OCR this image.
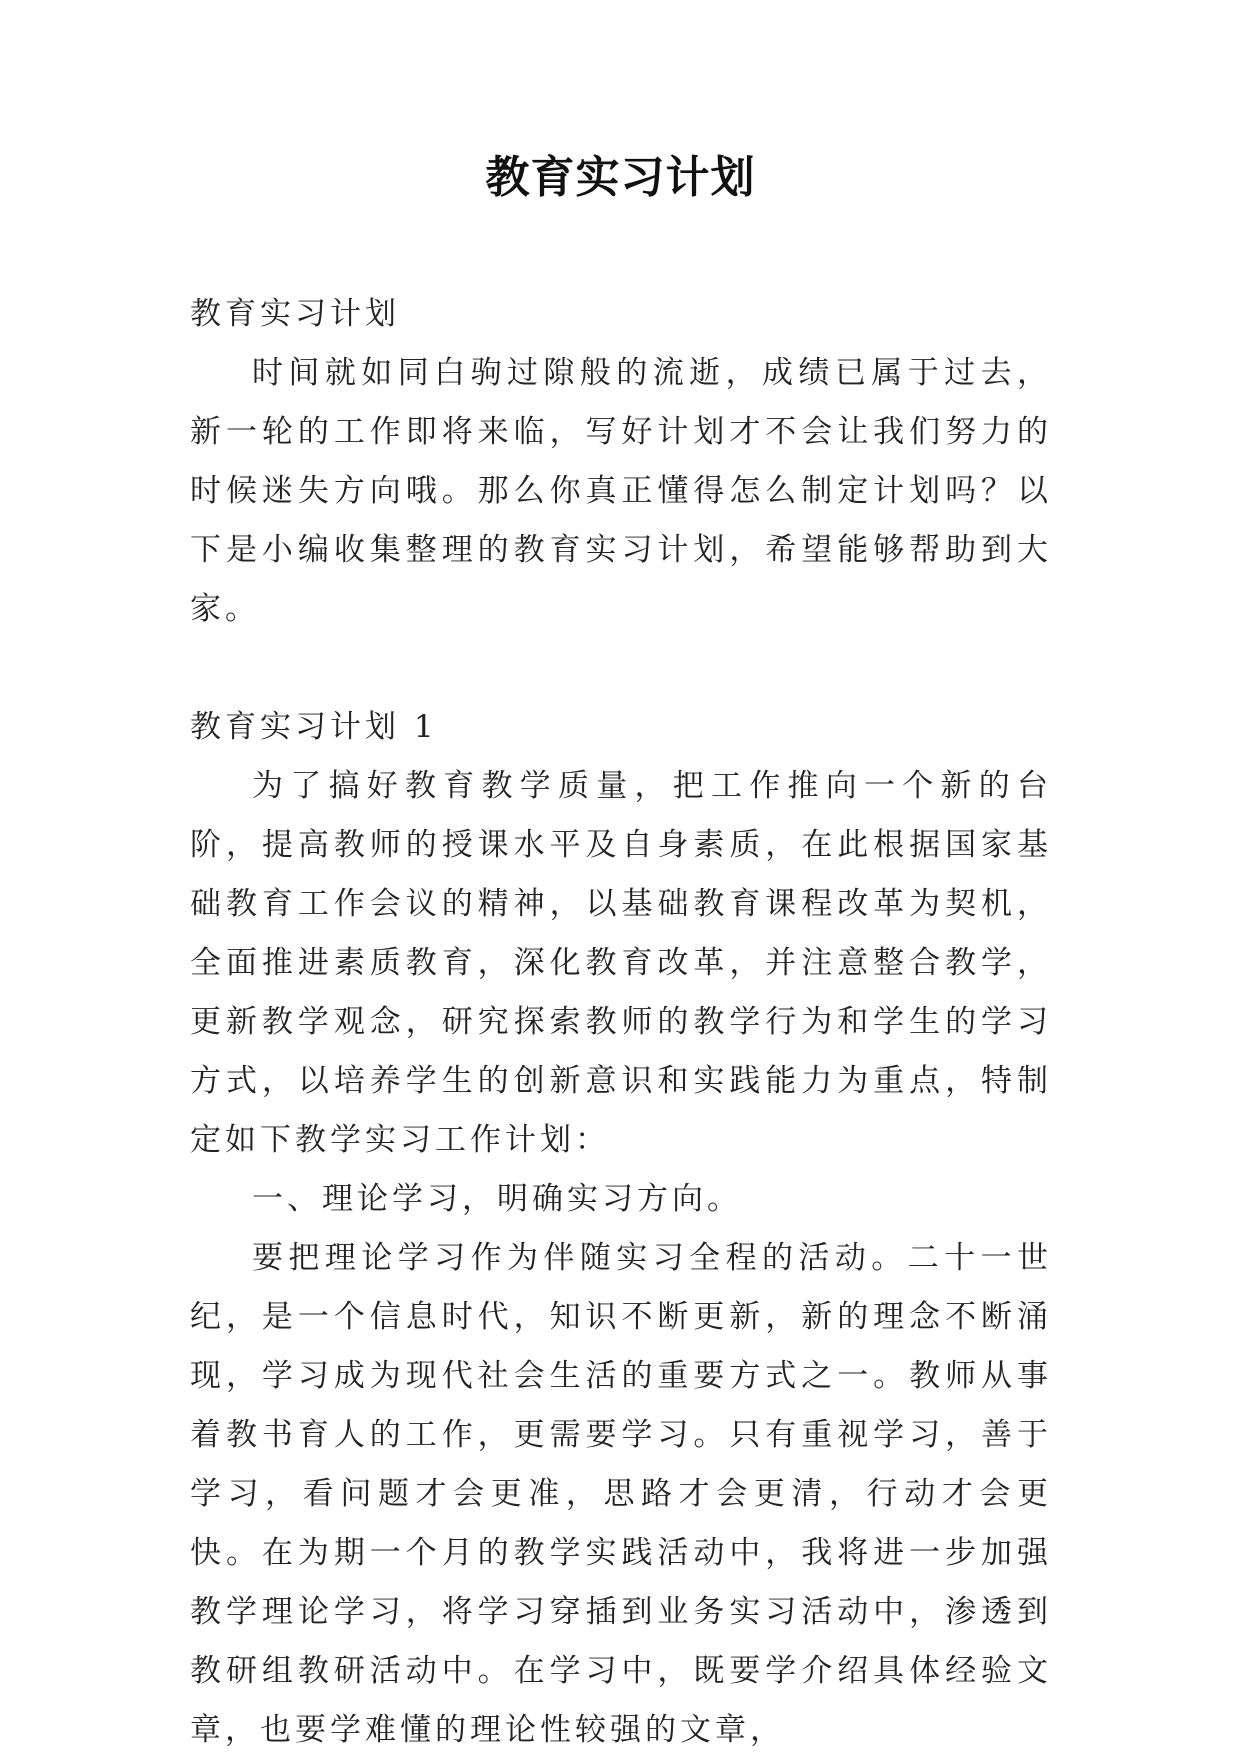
教育实习计划

教育实习计划

时间就如同白驹过隙般的流逝，成绩已属于过去，新一轮的工作即将来临，写好计划才不会让我们努力的时候迷失方向哦。那么你真正懂得怎么制定计划吗？以下是小编收集整理的教育实习计划，希望能够帮助到大家。

教育实习计划 1

为了搞好教育教学质量，把工作推向一个新的台阶，提高教师的授课水平及自身素质，在此根据国家基础教育工作会议的精神，以基础教育课程改革为契机，全面推进素质教育，深化教育改革，并注意整合教学，更新教学观念，研究探索教师的教学行为和学生的学习方式，以培养学生的创新意识和实践能力为重点，特制定如下教学实习工作计划：

一、理论学习，明确实习方向。

要把理论学习作为伴随实习全程的活动。二十一世纪，是一个信息时代，知识不断更新，新的理念不断涌现，学习成为现代社会生活的重要方式之一。教师从事着教书育人的工作，更需要学习。只有重视学习，善于学习，看问题才会更准，思路才会更清，行动才会更快。在为期一个月的教学实践活动中，我将进一步加强教学理论学习，将学习穿插到业务实习活动中，渗透到教研组教研活动中。在学习中，既要学介绍具体经验文章，也要学难懂的理论性较强的文章，
